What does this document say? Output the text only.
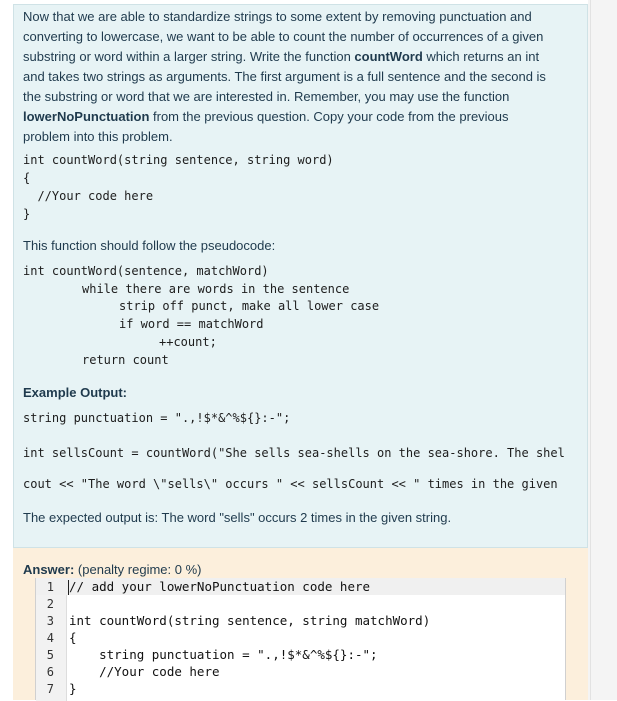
Now that we are able to standardize strings to some extent by removing punctuation and
converting to lowercase, we want to be able to count the number of occurrences of a given
substring or word within a larger string. Write the function countWord which returns an int
and takes two strings as arguments. The first argument is a full sentence and the second is
the substring or word that we are interested in. Remember, you may use the function
lowerNoPunctuation from the previous question. Copy your code from the previous
problem into this problem.
int countWord(string sentence, string word)
{
//Your code here
}
This function should follow the pseudocode:
int countWord(sentence, matchWord)
while there are words in the sentence
strip off punct, make all lower case
if word == matchWord
++count;
return count
Example Output:
string punctuation = ".,!$*&^%${}:-";
int sellsCount = countWord("She sells sea-shells on the sea-shore. The shel
cout << "The word \"sells\" occurs " << sellsCount << " times in the given
The expected output is: The word "sells" occurs 2 times in the given string.
Answer: (penalty regime: 0 %)
1
2
3
4
5
6
7
// add your lowerNoPunctuation code here
int countWord(string sentence, string matchWord)
{
string punctuation = ".,!$*&^%${}:-";
//Your code here
}
